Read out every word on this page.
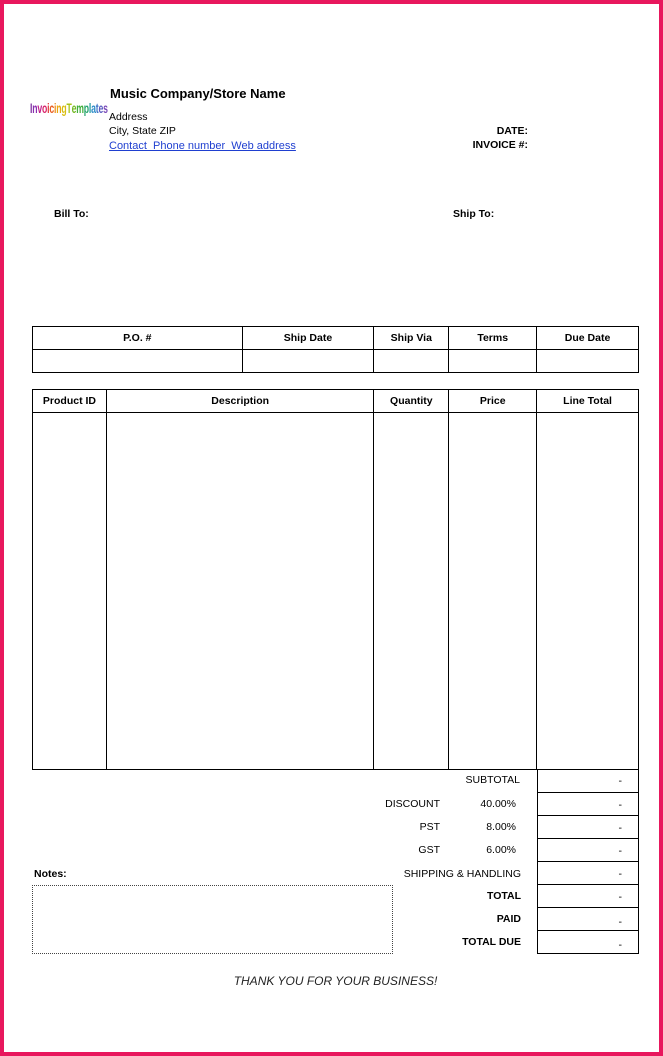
InvoicingTemplates
Music Company/Store Name
Address
City, State ZIP
Contact  Phone number  Web address
DATE:
INVOICE #:
Bill To:	Ship To:
P.O. #	Ship Date	Ship Via	Terms	Due Date

Product ID	Description	Quantity	Price	Line Total

SUBTOTAL	-
DISCOUNT	40.00%	-
PST	8.00%	-
GST	6.00%	-
SHIPPING & HANDLING	-
TOTAL	-
PAID	-
TOTAL DUE	-
Notes:
THANK YOU FOR YOUR BUSINESS!
